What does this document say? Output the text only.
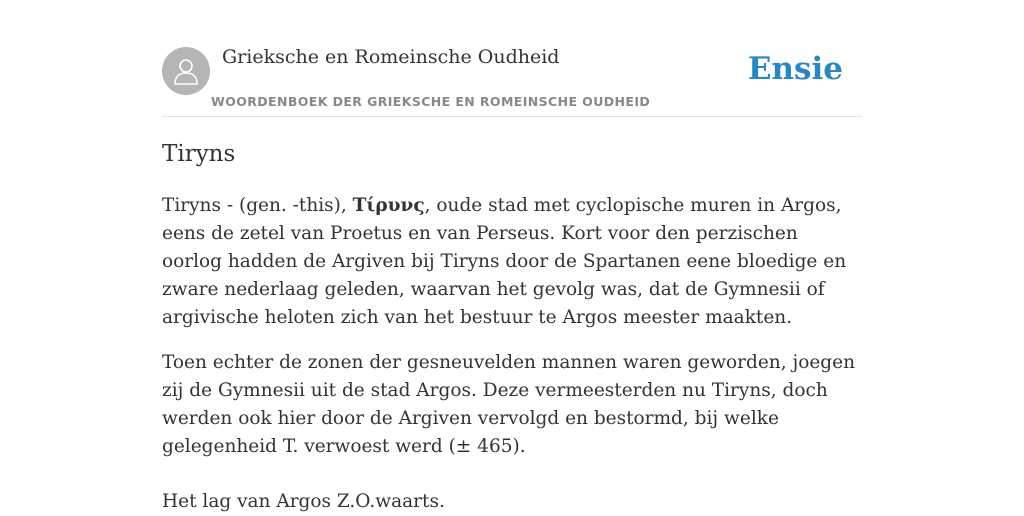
Grieksche en Romeinsche Oudheid
WOORDENBOEK DER GRIEKSCHE EN ROMEINSCHE OUDHEID
Ensie
Tiryns

Tiryns - (gen. -this), Τίρυνς, oude stad met cyclopische muren in Argos, eens de zetel van Proetus en van Perseus. Kort voor den perzischen oorlog hadden de Argiven bij Tiryns door de Spartanen eene bloedige en zware nederlaag geleden, waarvan het gevolg was, dat de Gymnesii of argivische heloten zich van het bestuur te Argos meester maakten.

Toen echter de zonen der gesneuvelden mannen waren geworden, joegen zij de Gymnesii uit de stad Argos. Deze vermeesterden nu Tiryns, doch werden ook hier door de Argiven vervolgd en bestormd, bij welke gelegenheid T. verwoest werd (± 465).

Het lag van Argos Z.O.waarts.
